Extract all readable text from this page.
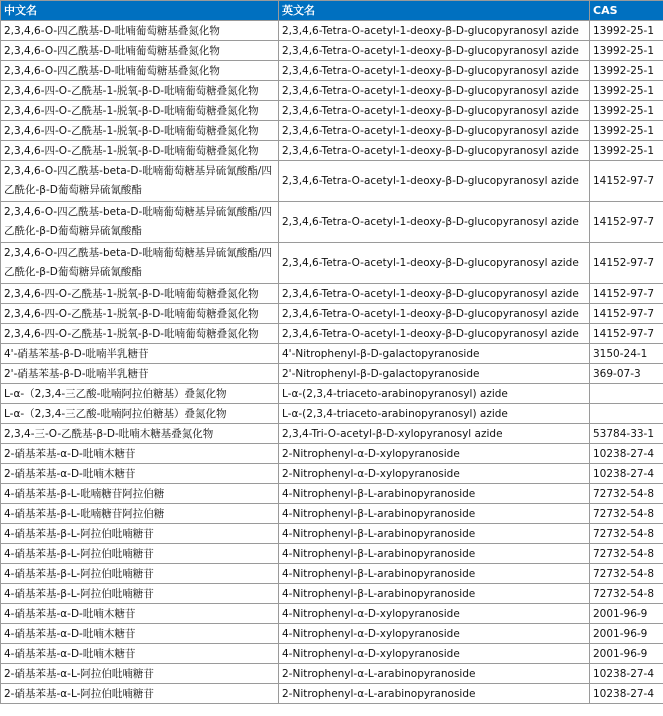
中文名	英文名	CAS
2,3,4,6-O-四乙酰基-D-吡喃葡萄糖基叠氮化物	2,3,4,6-Tetra-O-acetyl-1-deoxy-β-D-glucopyranosyl azide	13992-25-1
2,3,4,6-O-四乙酰基-D-吡喃葡萄糖基叠氮化物	2,3,4,6-Tetra-O-acetyl-1-deoxy-β-D-glucopyranosyl azide	13992-25-1
2,3,4,6-O-四乙酰基-D-吡喃葡萄糖基叠氮化物	2,3,4,6-Tetra-O-acetyl-1-deoxy-β-D-glucopyranosyl azide	13992-25-1
2,3,4,6-四-O-乙酰基-1-脱氧-β-D-吡喃葡萄糖叠氮化物	2,3,4,6-Tetra-O-acetyl-1-deoxy-β-D-glucopyranosyl azide	13992-25-1
2,3,4,6-四-O-乙酰基-1-脱氧-β-D-吡喃葡萄糖叠氮化物	2,3,4,6-Tetra-O-acetyl-1-deoxy-β-D-glucopyranosyl azide	13992-25-1
2,3,4,6-四-O-乙酰基-1-脱氧-β-D-吡喃葡萄糖叠氮化物	2,3,4,6-Tetra-O-acetyl-1-deoxy-β-D-glucopyranosyl azide	13992-25-1
2,3,4,6-四-O-乙酰基-1-脱氧-β-D-吡喃葡萄糖叠氮化物	2,3,4,6-Tetra-O-acetyl-1-deoxy-β-D-glucopyranosyl azide	13992-25-1
2,3,4,6-O-四乙酰基-beta-D-吡喃葡萄糖基异硫氰酸酯/四乙酰化-β-D葡萄糖异硫氰酸酯	2,3,4,6-Tetra-O-acetyl-1-deoxy-β-D-glucopyranosyl azide	14152-97-7
2,3,4,6-O-四乙酰基-beta-D-吡喃葡萄糖基异硫氰酸酯/四乙酰化-β-D葡萄糖异硫氰酸酯	2,3,4,6-Tetra-O-acetyl-1-deoxy-β-D-glucopyranosyl azide	14152-97-7
2,3,4,6-O-四乙酰基-beta-D-吡喃葡萄糖基异硫氰酸酯/四乙酰化-β-D葡萄糖异硫氰酸酯	2,3,4,6-Tetra-O-acetyl-1-deoxy-β-D-glucopyranosyl azide	14152-97-7
2,3,4,6-四-O-乙酰基-1-脱氧-β-D-吡喃葡萄糖叠氮化物	2,3,4,6-Tetra-O-acetyl-1-deoxy-β-D-glucopyranosyl azide	14152-97-7
2,3,4,6-四-O-乙酰基-1-脱氧-β-D-吡喃葡萄糖叠氮化物	2,3,4,6-Tetra-O-acetyl-1-deoxy-β-D-glucopyranosyl azide	14152-97-7
2,3,4,6-四-O-乙酰基-1-脱氧-β-D-吡喃葡萄糖叠氮化物	2,3,4,6-Tetra-O-acetyl-1-deoxy-β-D-glucopyranosyl azide	14152-97-7
4'-硝基苯基-β-D-吡喃半乳糖苷	4'-Nitrophenyl-β-D-galactopyranoside	3150-24-1
2'-硝基苯基-β-D-吡喃半乳糖苷	2'-Nitrophenyl-β-D-galactopyranoside	369-07-3
L-α-（2,3,4-三乙酸-吡喃阿拉伯糖基）叠氮化物	L-α-(2,3,4-triaceto-arabinopyranosyl) azide	
L-α-（2,3,4-三乙酸-吡喃阿拉伯糖基）叠氮化物	L-α-(2,3,4-triaceto-arabinopyranosyl) azide	
2,3,4-三-O-乙酰基-β-D-吡喃木糖基叠氮化物	2,3,4-Tri-O-acetyl-β-D-xylopyranosyl azide	53784-33-1
2-硝基苯基-α-D-吡喃木糖苷	2-Nitrophenyl-α-D-xylopyranoside	10238-27-4
2-硝基苯基-α-D-吡喃木糖苷	2-Nitrophenyl-α-D-xylopyranoside	10238-27-4
4-硝基苯基-β-L-吡喃糖苷阿拉伯糖	4-Nitrophenyl-β-L-arabinopyranoside	72732-54-8
4-硝基苯基-β-L-吡喃糖苷阿拉伯糖	4-Nitrophenyl-β-L-arabinopyranoside	72732-54-8
4-硝基苯基-β-L-阿拉伯吡喃糖苷	4-Nitrophenyl-β-L-arabinopyranoside	72732-54-8
4-硝基苯基-β-L-阿拉伯吡喃糖苷	4-Nitrophenyl-β-L-arabinopyranoside	72732-54-8
4-硝基苯基-β-L-阿拉伯吡喃糖苷	4-Nitrophenyl-β-L-arabinopyranoside	72732-54-8
4-硝基苯基-β-L-阿拉伯吡喃糖苷	4-Nitrophenyl-β-L-arabinopyranoside	72732-54-8
4-硝基苯基-α-D-吡喃木糖苷	4-Nitrophenyl-α-D-xylopyranoside	2001-96-9
4-硝基苯基-α-D-吡喃木糖苷	4-Nitrophenyl-α-D-xylopyranoside	2001-96-9
4-硝基苯基-α-D-吡喃木糖苷	4-Nitrophenyl-α-D-xylopyranoside	2001-96-9
2-硝基苯基-α-L-阿拉伯吡喃糖苷	2-Nitrophenyl-α-L-arabinopyranoside	10238-27-4
2-硝基苯基-α-L-阿拉伯吡喃糖苷	2-Nitrophenyl-α-L-arabinopyranoside	10238-27-4
